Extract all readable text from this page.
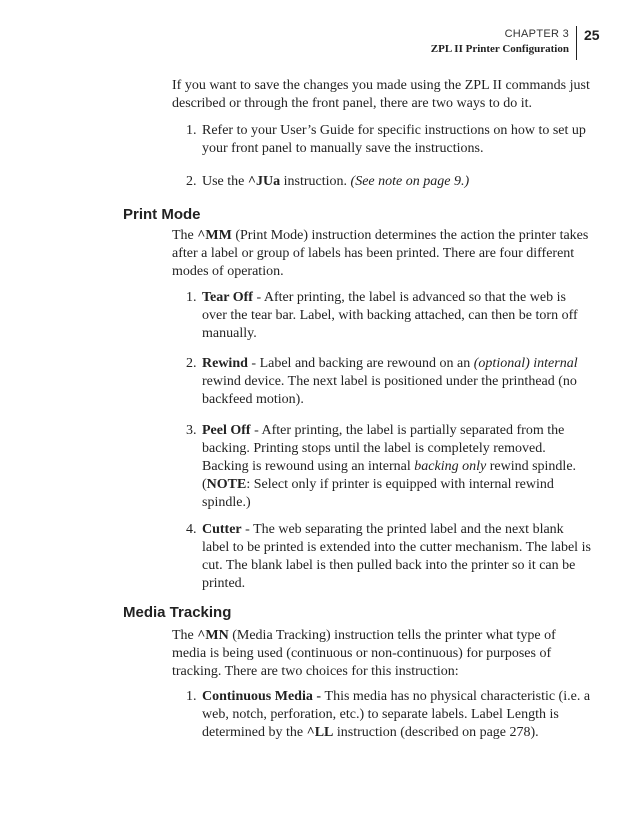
CHAPTER 3
ZPL II Printer Configuration
25
If you want to save the changes you made using the ZPL II commands just described or through the front panel, there are two ways to do it.
1. Refer to your User’s Guide for specific instructions on how to set up your front panel to manually save the instructions.
2. Use the ^JUa instruction. (See note on page 9.)
Print Mode
The ^MM (Print Mode) instruction determines the action the printer takes after a label or group of labels has been printed. There are four different modes of operation.
1. Tear Off - After printing, the label is advanced so that the web is over the tear bar. Label, with backing attached, can then be torn off manually.
2. Rewind - Label and backing are rewound on an (optional) internal rewind device. The next label is positioned under the printhead (no backfeed motion).
3. Peel Off - After printing, the label is partially separated from the backing. Printing stops until the label is completely removed. Backing is rewound using an internal backing only rewind spindle. (NOTE: Select only if printer is equipped with internal rewind spindle.)
4. Cutter - The web separating the printed label and the next blank label to be printed is extended into the cutter mechanism. The label is cut. The blank label is then pulled back into the printer so it can be printed.
Media Tracking
The ^MN (Media Tracking) instruction tells the printer what type of media is being used (continuous or non-continuous) for purposes of tracking. There are two choices for this instruction:
1. Continuous Media - This media has no physical characteristic (i.e. a web, notch, perforation, etc.) to separate labels. Label Length is determined by the ^LL instruction (described on page 278).
